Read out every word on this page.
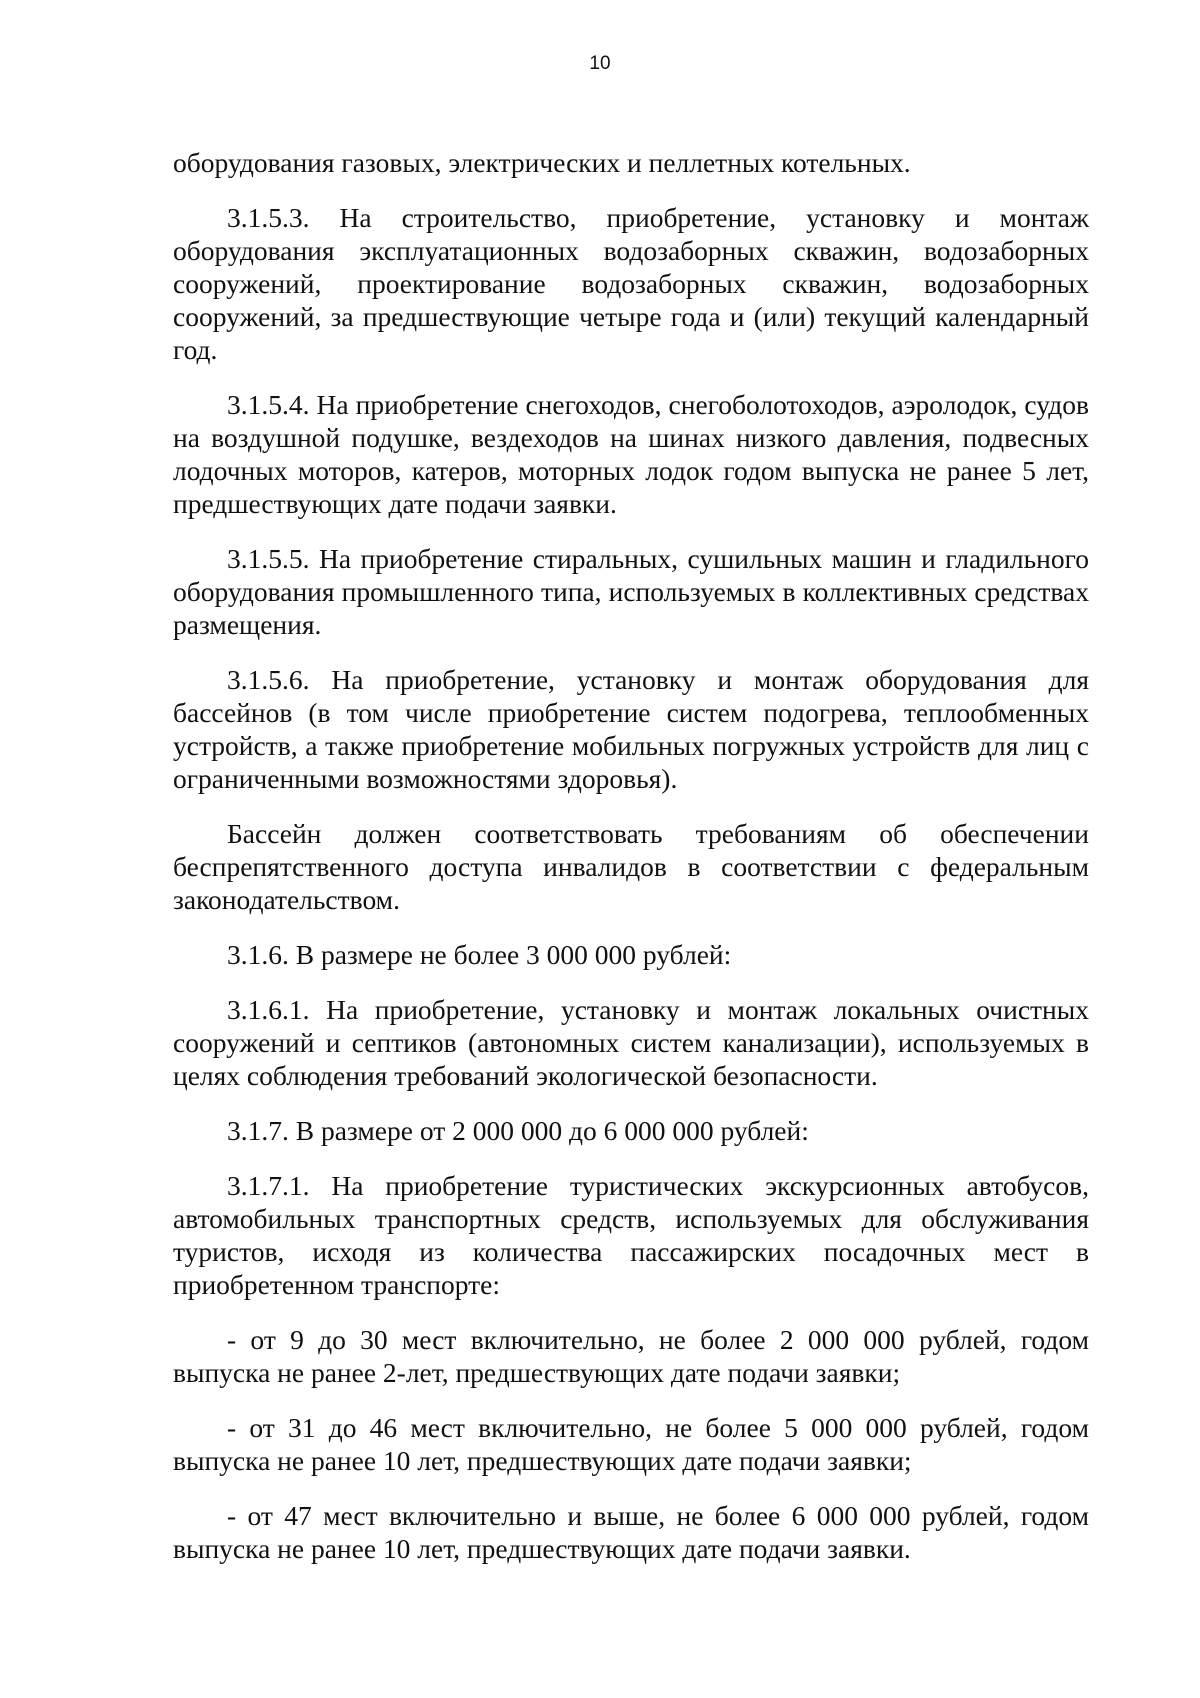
10

оборудования газовых, электрических и пеллетных котельных.

3.1.5.3. На строительство, приобретение, установку и монтаж оборудования эксплуатационных водозаборных скважин, водозаборных сооружений, проектирование водозаборных скважин, водозаборных сооружений, за предшествующие четыре года и (или) текущий календарный год.

3.1.5.4. На приобретение снегоходов, снегоболотоходов, аэролодок, судов на воздушной подушке, вездеходов на шинах низкого давления, подвесных лодочных моторов, катеров, моторных лодок годом выпуска не ранее 5 лет, предшествующих дате подачи заявки.

3.1.5.5. На приобретение стиральных, сушильных машин и гладильного оборудования промышленного типа, используемых в коллективных средствах размещения.

3.1.5.6. На приобретение, установку и монтаж оборудования для бассейнов (в том числе приобретение систем подогрева, теплообменных устройств, а также приобретение мобильных погружных устройств для лиц с ограниченными возможностями здоровья).

Бассейн должен соответствовать требованиям об обеспечении беспрепятственного доступа инвалидов в соответствии с федеральным законодательством.

3.1.6. В размере не более 3 000 000 рублей:

3.1.6.1. На приобретение, установку и монтаж локальных очистных сооружений и септиков (автономных систем канализации), используемых в целях соблюдения требований экологической безопасности.

3.1.7. В размере от 2 000 000 до 6 000 000 рублей:

3.1.7.1. На приобретение туристических экскурсионных автобусов, автомобильных транспортных средств, используемых для обслуживания туристов, исходя из количества пассажирских посадочных мест в приобретенном транспорте:

- от 9 до 30 мест включительно, не более 2 000 000 рублей, годом выпуска не ранее 2-лет, предшествующих дате подачи заявки;

- от 31 до 46 мест включительно, не более 5 000 000 рублей, годом выпуска не ранее 10 лет, предшествующих дате подачи заявки;

- от 47 мест включительно и выше, не более 6 000 000 рублей, годом выпуска не ранее 10 лет, предшествующих дате подачи заявки.
